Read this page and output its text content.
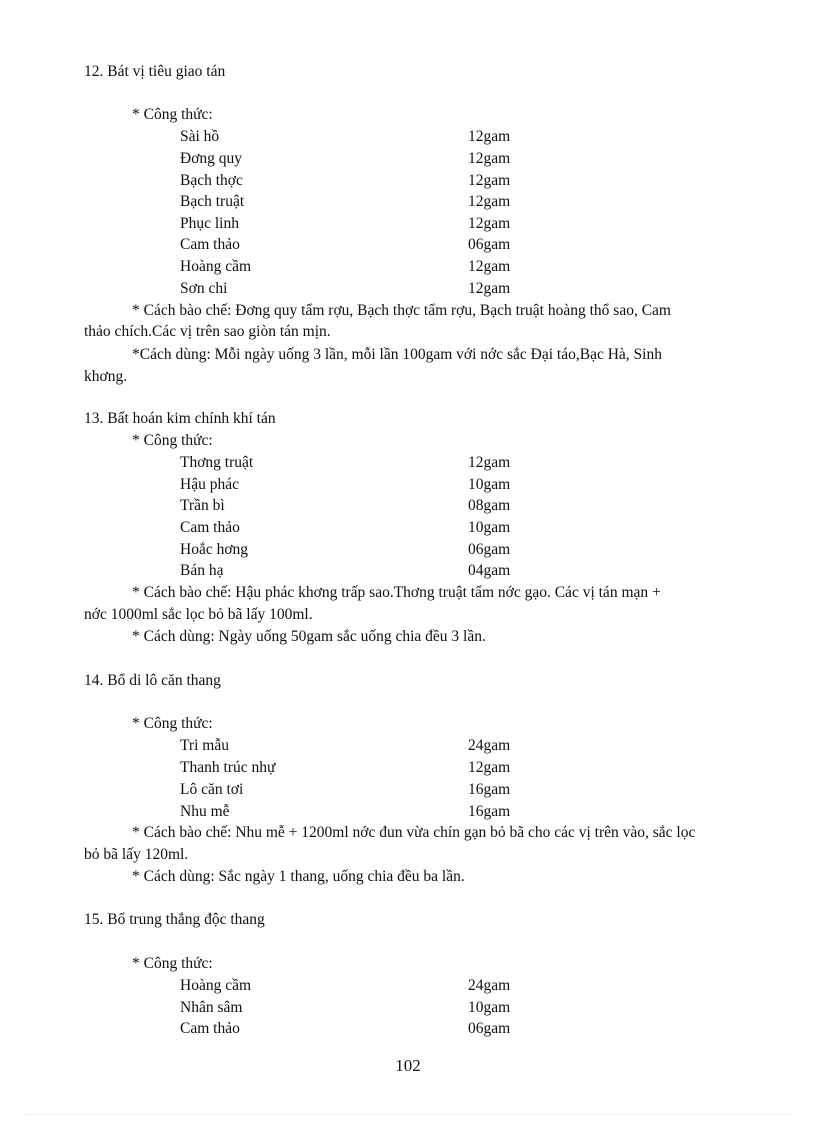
12. Bát vị tiêu giao tán
* Công thức:
Sài hồ	12gam
Đơng quy	12gam
Bạch thợc	12gam
Bạch truật	12gam
Phục linh	12gam
Cam thảo	06gam
Hoàng cầm	12gam
Sơn chi	12gam
* Cách bào chế: Đơng quy tẩm rợu, Bạch thợc tẩm rợu, Bạch truật hoàng thổ sao, Cam
thảo chích.Các vị trên sao giòn tán mịn.
*Cách dùng: Mỗi ngày uống 3 lần, mỗi lần 100gam với nớc sắc Đại táo,Bạc Hà, Sinh
khơng.
13. Bất hoán kim chính khí tán
* Công thức:
Thơng truật	12gam
Hậu phác	10gam
Trần bì	08gam
Cam thảo	10gam
Hoắc hơng	06gam
Bán hạ	04gam
* Cách bào chế: Hậu phác khơng trấp sao.Thơng truật tẩm nớc gạo. Các vị tán mạn +
nớc 1000ml sắc lọc bỏ bã lấy 100ml.
* Cách dùng: Ngày uống 50gam sắc uống chia đều 3 lần.
14. Bổ di lô căn thang
* Công thức:
Tri mẫu	24gam
Thanh trúc nhự	12gam
Lô căn tơi	16gam
Nhu mễ	16gam
* Cách bào chế: Nhu mễ + 1200ml nớc đun vừa chín gạn bỏ bã cho các vị trên vào, sắc lọc
bỏ bã lấy 120ml.
* Cách dùng: Sắc ngày 1 thang, uống chia đều ba lần.
15. Bổ trung thắng độc thang
* Công thức:
Hoàng cầm	24gam
Nhân sâm	10gam
Cam thảo	06gam
102
